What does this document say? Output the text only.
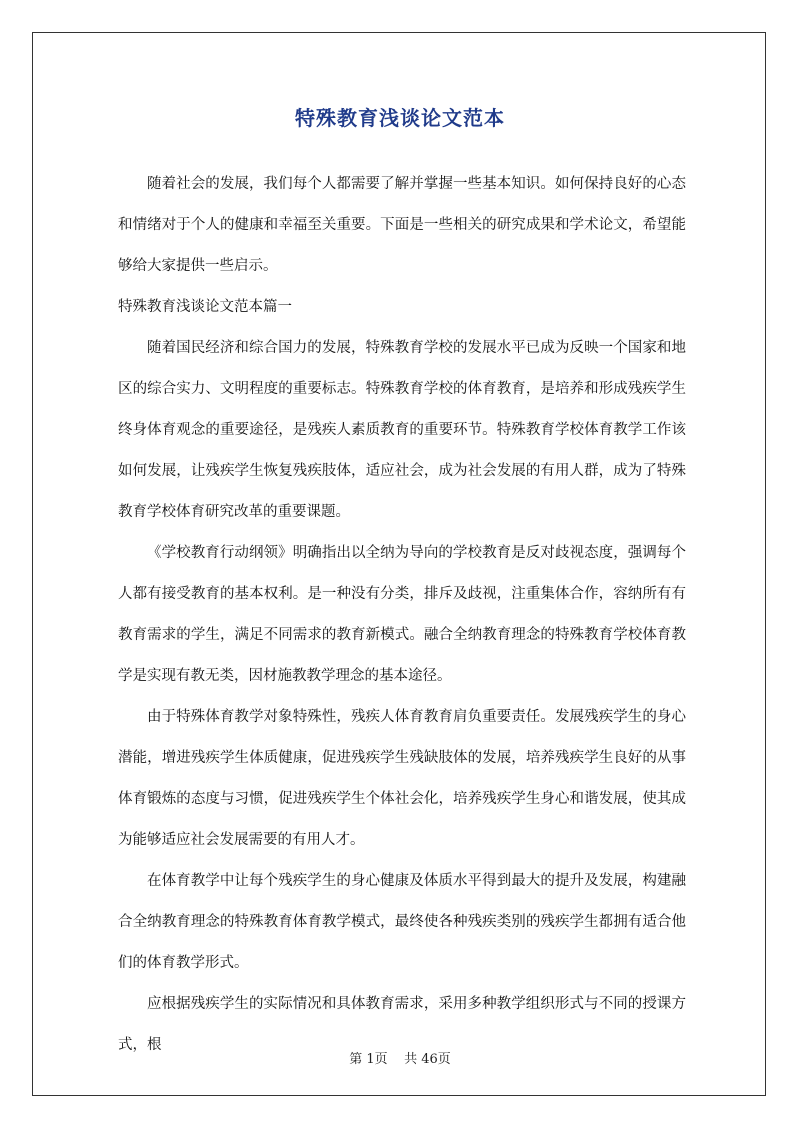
特殊教育浅谈论文范本

随着社会的发展，我们每个人都需要了解并掌握一些基本知识。如何保持良好的心态和情绪对于个人的健康和幸福至关重要。下面是一些相关的研究成果和学术论文，希望能够给大家提供一些启示。

特殊教育浅谈论文范本篇一

随着国民经济和综合国力的发展，特殊教育学校的发展水平已成为反映一个国家和地区的综合实力、文明程度的重要标志。特殊教育学校的体育教育，是培养和形成残疾学生终身体育观念的重要途径，是残疾人素质教育的重要环节。特殊教育学校体育教学工作该如何发展，让残疾学生恢复残疾肢体，适应社会，成为社会发展的有用人群，成为了特殊教育学校体育研究改革的重要课题。

《学校教育行动纲领》明确指出以全纳为导向的学校教育是反对歧视态度，强调每个人都有接受教育的基本权利。是一种没有分类，排斥及歧视，注重集体合作，容纳所有有教育需求的学生，满足不同需求的教育新模式。融合全纳教育理念的特殊教育学校体育教学是实现有教无类，因材施教教学理念的基本途径。

由于特殊体育教学对象特殊性，残疾人体育教育肩负重要责任。发展残疾学生的身心潜能，增进残疾学生体质健康，促进残疾学生残缺肢体的发展，培养残疾学生良好的从事体育锻炼的态度与习惯，促进残疾学生个体社会化，培养残疾学生身心和谐发展，使其成为能够适应社会发展需要的有用人才。

在体育教学中让每个残疾学生的身心健康及体质水平得到最大的提升及发展，构建融合全纳教育理念的特殊教育体育教学模式，最终使各种残疾类别的残疾学生都拥有适合他们的体育教学形式。

应根据残疾学生的实际情况和具体教育需求，采用多种教学组织形式与不同的授课方式，根

第 1页    共 46页
